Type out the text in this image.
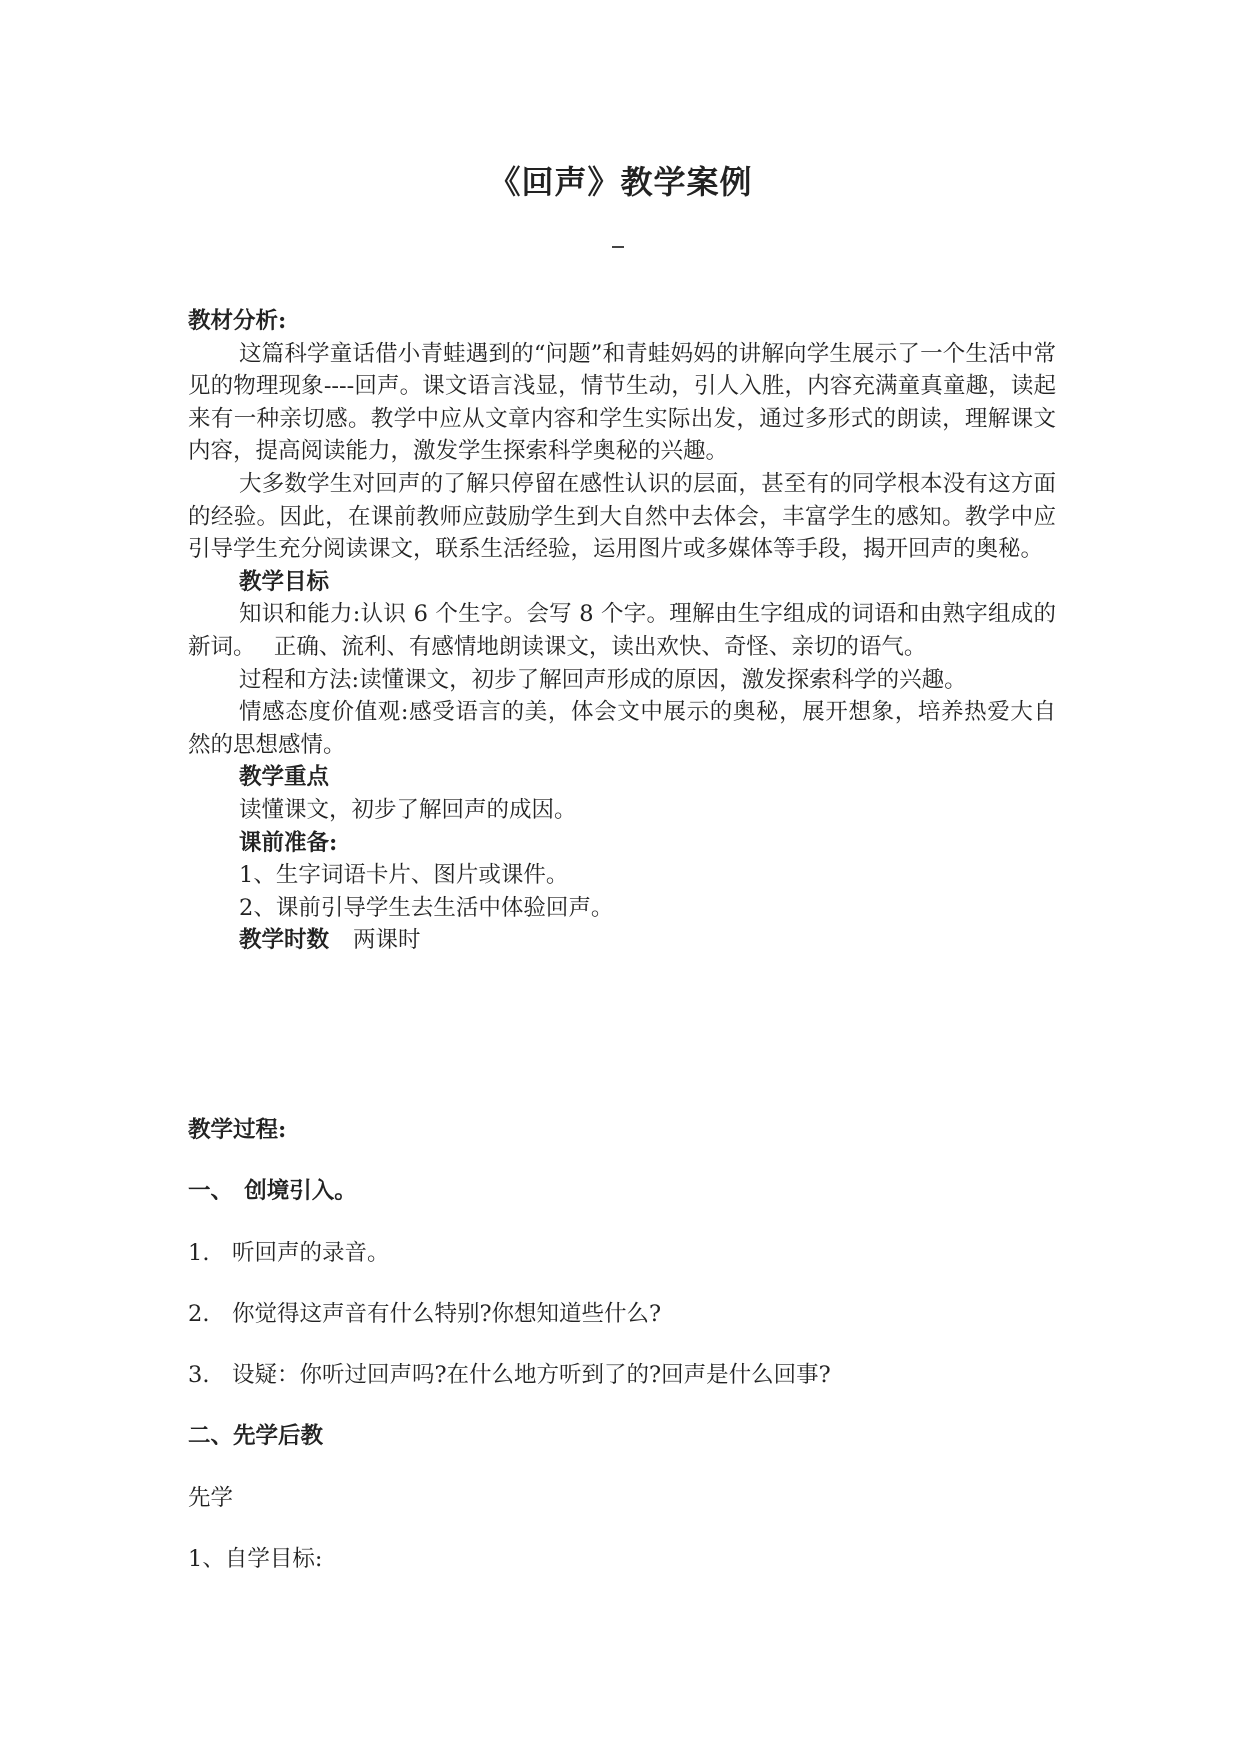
《回声》教学案例

教材分析:

这篇科学童话借小青蛙遇到的“问题”和青蛙妈妈的讲解向学生展示了一个生活中常见的物理现象----回声。课文语言浅显，情节生动，引人入胜，内容充满童真童趣，读起来有一种亲切感。教学中应从文章内容和学生实际出发，通过多形式的朗读，理解课文内容，提高阅读能力，激发学生探索科学奥秘的兴趣。

大多数学生对回声的了解只停留在感性认识的层面，甚至有的同学根本没有这方面的经验。因此，在课前教师应鼓励学生到大自然中去体会，丰富学生的感知。教学中应引导学生充分阅读课文，联系生活经验，运用图片或多媒体等手段，揭开回声的奥秘。

教学目标

知识和能力:认识 6 个生字。会写 8 个字。理解由生字组成的词语和由熟字组成的新词。　 正确、流利、有感情地朗读课文，读出欢快、奇怪、亲切的语气。

过程和方法:读懂课文，初步了解回声形成的原因，激发探索科学的兴趣。

情感态度价值观:感受语言的美，体会文中展示的奥秘，展开想象，培养热爱大自然的思想感情。

教学重点

读懂课文，初步了解回声的成因。

课前准备:

1、生字词语卡片、图片或课件。

2、课前引导学生去生活中体验回声。

教学时数 两课时

教学过程:

一、　创境引入。

1.　听回声的录音。

2.　你觉得这声音有什么特别?你想知道些什么?

3.　设疑：你听过回声吗?在什么地方听到了的?回声是什么回事?

二、先学后教

先学

1、自学目标:
